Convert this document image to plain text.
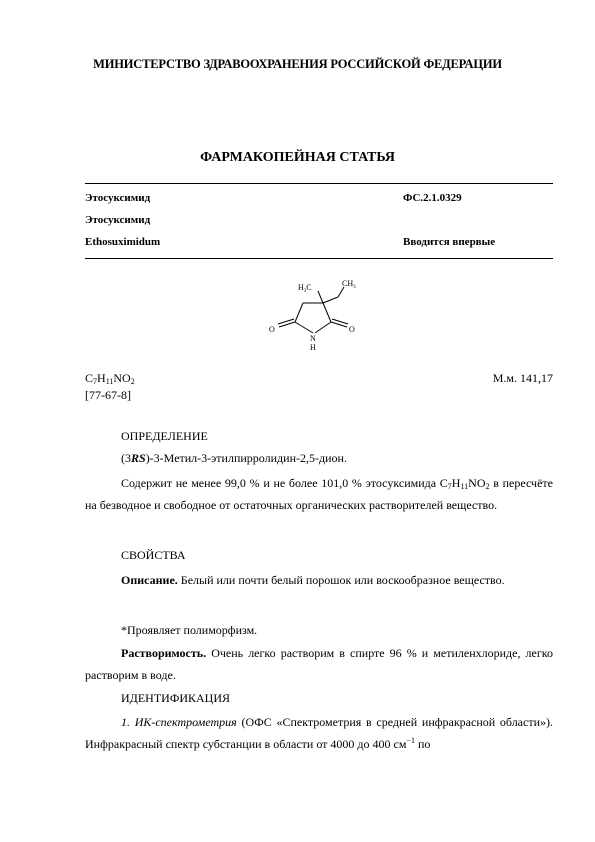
МИНИСТЕРСТВО ЗДРАВООХРАНЕНИЯ РОССИЙСКОЙ ФЕДЕРАЦИИ
ФАРМАКОПЕЙНАЯ СТАТЬЯ
Этосуксимид	ФС.2.1.0329
Этосуксимид
Ethosuximidum	Вводится впервые
$H_3C$	$CH_3$
O	O
N
H
$C_7H_{11}NO_2$	М.м. 141,17
[77-67-8]
ОПРЕДЕЛЕНИЕ
(3RS)-3-Метил-3-этилпирролидин-2,5-дион.
Содержит не менее 99,0 % и не более 101,0 % этосуксимида $C_7H_{11}NO_2$ в пересчёте на безводное и свободное от остаточных органических растворителей вещество.
СВОЙСТВА
Описание. Белый или почти белый порошок или воскообразное вещество.
*Проявляет полиморфизм.
Растворимость. Очень легко растворим в спирте 96 % и метиленхлориде, легко растворим в воде.
ИДЕНТИФИКАЦИЯ
1. ИК-спектрометрия (ОФС «Спектрометрия в средней инфракрасной области»). Инфракрасный спектр субстанции в области от 4000 до 400 $см^{-1}$ по
